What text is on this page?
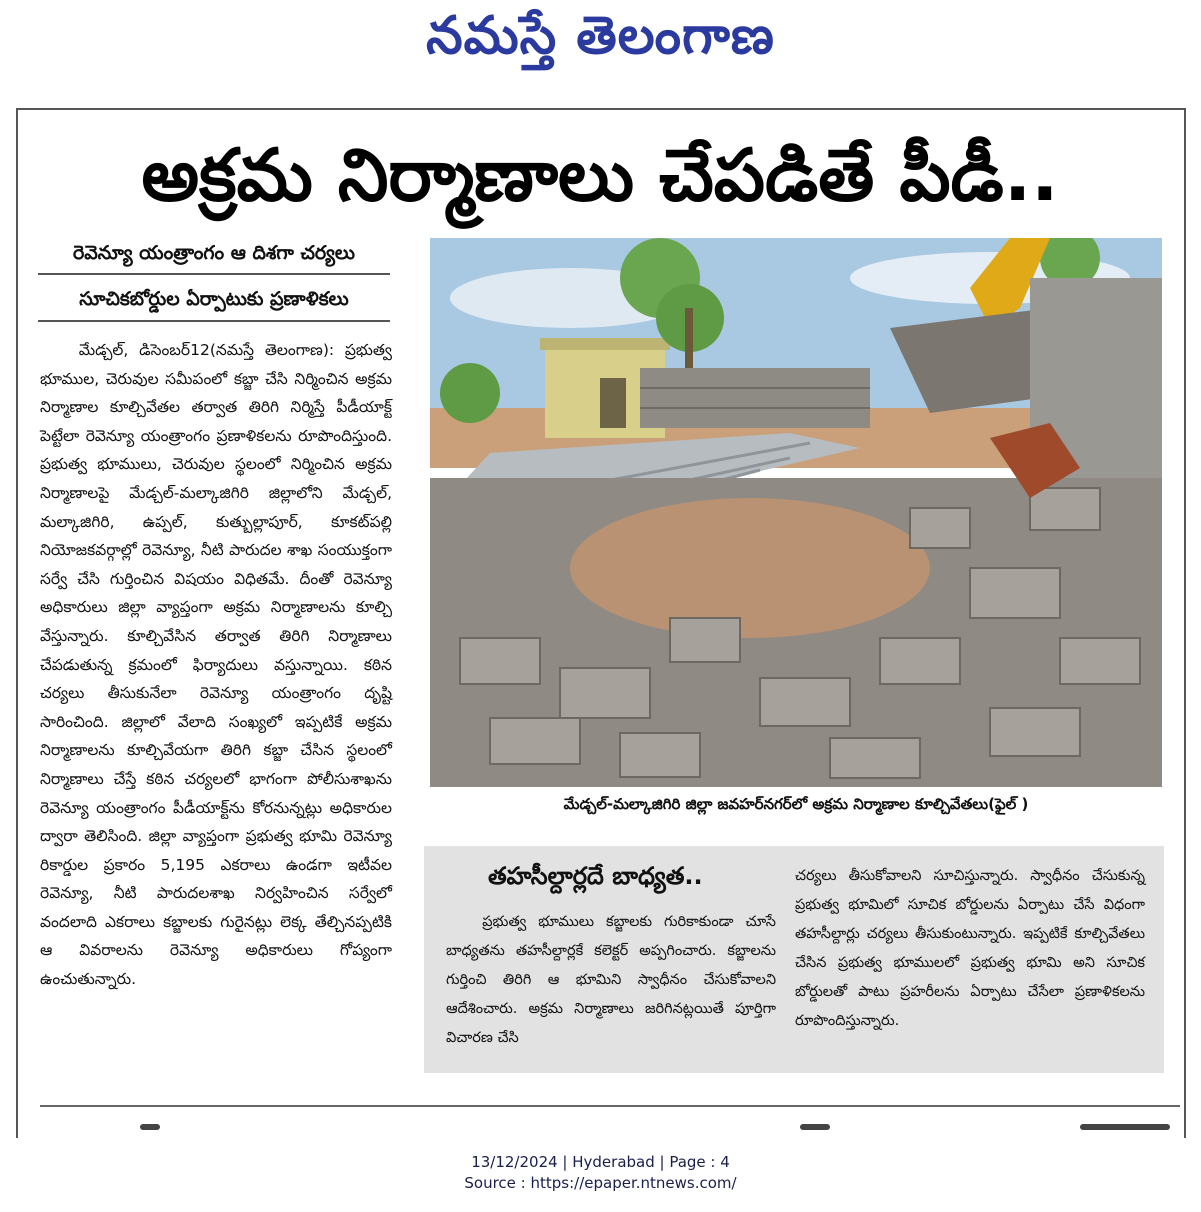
నమస్తే తెలంగాణ
అక్రమ నిర్మాణాలు చేపడితే పీడీ..
రెవెన్యూ యంత్రాంగం ఆ దిశగా చర్యలు
సూచికబోర్డుల ఏర్పాటుకు ప్రణాళికలు

మేడ్చల్, డిసెంబర్12(నమస్తే తెలంగాణ): ప్రభుత్వ భూముల, చెరువుల సమీపంలో కబ్జా చేసి నిర్మించిన అక్రమ నిర్మాణాల కూల్చివేతల తర్వాత తిరిగి నిర్మిస్తే పీడీయాక్ట్ పెట్టేలా రెవెన్యూ యంత్రాంగం ప్రణాళికలను రూపొందిస్తుంది. ప్రభుత్వ భూములు, చెరువుల స్థలంలో నిర్మించిన అక్రమ నిర్మాణాలపై మేడ్చల్-మల్కాజిగిరి జిల్లాలోని మేడ్చల్, మల్కాజిగిరి, ఉప్పల్, కుత్బుల్లాపూర్, కూకట్‌పల్లి నియోజకవర్గాల్లో రెవెన్యూ, నీటి పారుదల శాఖ సంయుక్తంగా సర్వే చేసి గుర్తించిన విషయం విధితమే. దీంతో రెవెన్యూ అధికారులు జిల్లా వ్యాప్తంగా అక్రమ నిర్మాణాలను కూల్చి వేస్తున్నారు. కూల్చివేసిన తర్వాత తిరిగి నిర్మాణాలు చేపడుతున్న క్రమంలో ఫిర్యాదులు వస్తున్నాయి. కఠిన చర్యలు తీసుకునేలా రెవెన్యూ యంత్రాంగం దృష్టి సారించింది. జిల్లాలో వేలాది సంఖ్యలో ఇప్పటికే అక్రమ నిర్మాణాలను కూల్చివేయగా తిరిగి కబ్జా చేసిన స్థలంలో నిర్మాణాలు చేస్తే కఠిన చర్యలలో భాగంగా పోలీసుశాఖను రెవెన్యూ యంత్రాంగం పీడీయాక్ట్‌ను కోరనున్నట్లు అధికారుల ద్వారా తెలిసింది. జిల్లా వ్యాప్తంగా ప్రభుత్వ భూమి రెవెన్యూ రికార్డుల ప్రకారం 5,195 ఎకరాలు ఉండగా ఇటీవల రెవెన్యూ, నీటి పారుదలశాఖ నిర్వహించిన సర్వేలో వందలాది ఎకరాలు కబ్జాలకు గురైనట్లు లెక్క తేల్చినప్పటికి ఆ వివరాలను రెవెన్యూ అధికారులు గోప్యంగా ఉంచుతున్నారు.

మేడ్చల్-మల్కాజిగిరి జిల్లా జవహర్‌నగర్‌లో అక్రమ నిర్మాణాల కూల్చివేతలు(ఫైల్ )
తహసీల్దార్లదే బాధ్యత..

ప్రభుత్వ భూములు కబ్జాలకు గురికాకుండా చూసే బాధ్యతను తహసీల్దార్లకే కలెక్టర్ అప్పగించారు. కబ్జాలను గుర్తించి తిరిగి ఆ భూమిని స్వాధీనం చేసుకోవాలని ఆదేశించారు. అక్రమ నిర్మాణాలు జరిగినట్లయితే పూర్తిగా విచారణ చేసి

చర్యలు తీసుకోవాలని సూచిస్తున్నారు. స్వాధీనం చేసుకున్న ప్రభుత్వ భూమిలో సూచిక బోర్డులను ఏర్పాటు చేసే విధంగా తహసీల్దార్లు చర్యలు తీసుకుంటున్నారు. ఇప్పటికే కూల్చివేతలు చేసిన ప్రభుత్వ భూములలో ప్రభుత్వ భూమి అని సూచిక బోర్డులతో పాటు ప్రహరీలను ఏర్పాటు చేసేలా ప్రణాళికలను రూపొందిస్తున్నారు.

13/12/2024 | Hyderabad | Page : 4
Source : https://epaper.ntnews.com/
